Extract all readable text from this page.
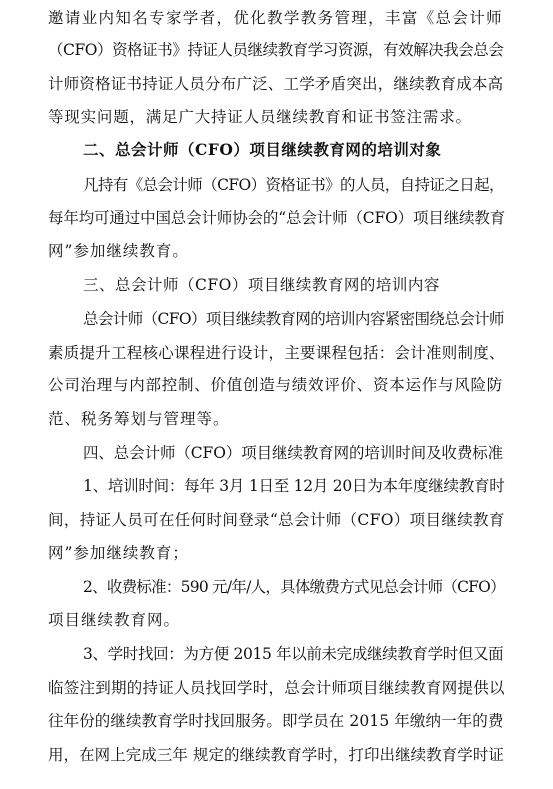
邀请业内知名专家学者，优化教学教务管理，丰富《总会计师
（CFO）资格证书》持证人员继续教育学习资源，有效解决我会总会
计师资格证书持证人员分布广泛、工学矛盾突出，继续教育成本高
等现实问题，满足广大持证人员继续教育和证书签注需求。
二、总会计师（CFO）项目继续教育网的培训对象
凡持有《总会计师（CFO）资格证书》的人员，自持证之日起，
每年均可通过中国总会计师协会的“总会计师（CFO）项目继续教育
网”参加继续教育。
三、总会计师（CFO）项目继续教育网的培训内容
总会计师（CFO）项目继续教育网的培训内容紧密围绕总会计师
素质提升工程核心课程进行设计，主要课程包括：会计准则制度、
公司治理与内部控制、价值创造与绩效评价、资本运作与风险防
范、税务筹划与管理等。
四、总会计师（CFO）项目继续教育网的培训时间及收费标准
1、培训时间：每年 3月 1日至 12月 20日为本年度继续教育时
间，持证人员可在任何时间登录“总会计师（CFO）项目继续教育
网”参加继续教育；
2、收费标准：590 元/年/人，具体缴费方式见总会计师（CFO）
项目继续教育网。
3、学时找回：为方便 2015 年以前未完成继续教育学时但又面
临签注到期的持证人员找回学时，总会计师项目继续教育网提供以
往年份的继续教育学时找回服务。即学员在 2015 年缴纳一年的费
用，在网上完成三年 规定的继续教育学时，打印出继续教育学时证
